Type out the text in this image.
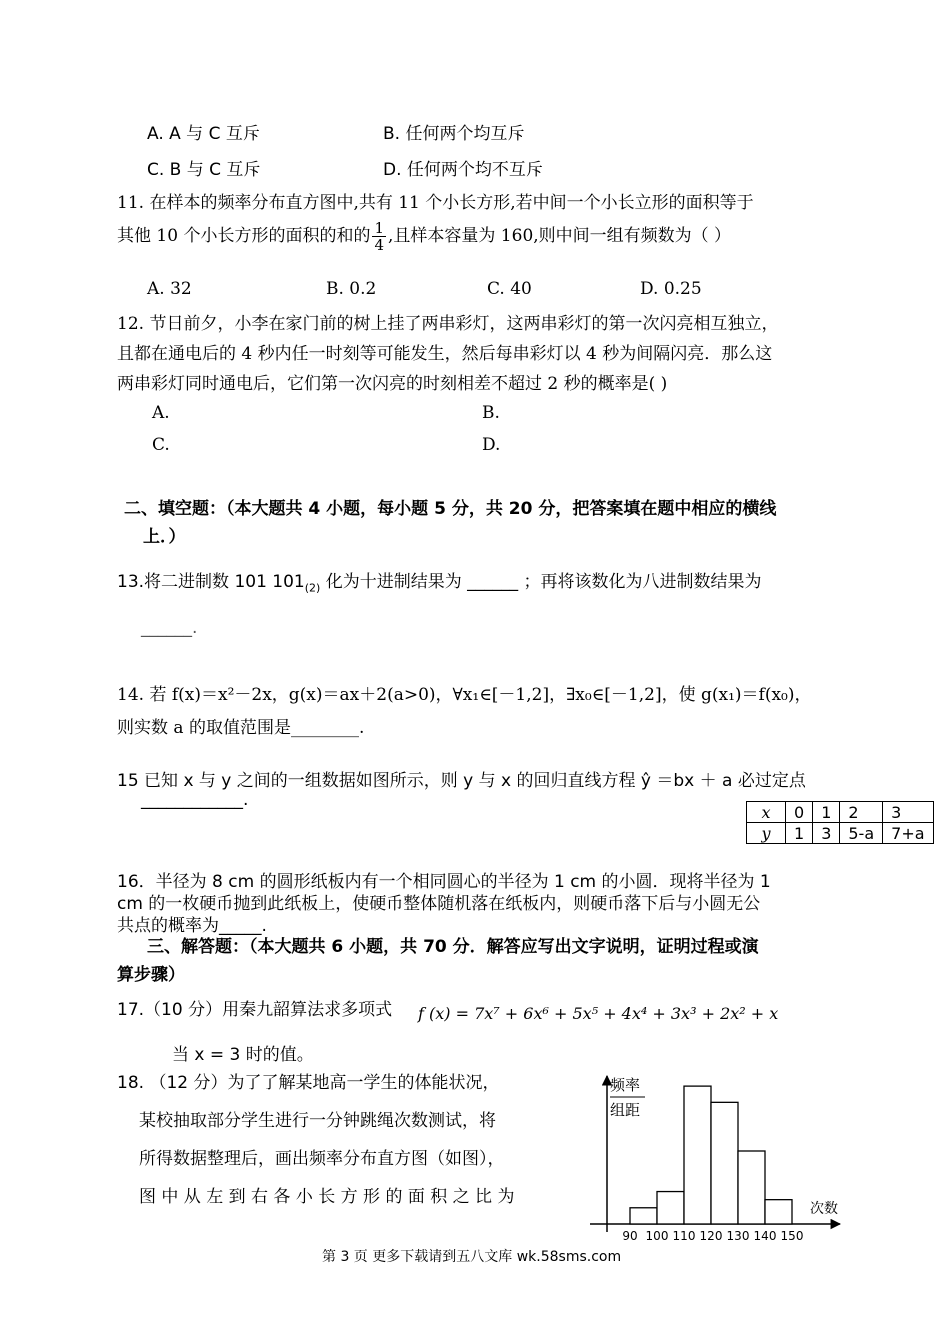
A. A 与 C 互斥	B. 任何两个均互斥
C. B 与 C 互斥	D. 任何两个均不互斥
11. 在样本的频率分布直方图中,共有 11 个小长方形,若中间一个小长立形的面积等于
其他 10 个小长方形的面积的和的 $\frac{1}{4}$ ,且样本容量为 160,则中间一组有频数为（ ）
A. 32	B. 0.2	C. 40	D. 0.25
12. 节日前夕，小李在家门前的树上挂了两串彩灯，这两串彩灯的第一次闪亮相互独立，
且都在通电后的 4 秒内任一时刻等可能发生，然后每串彩灯以 4 秒为间隔闪亮．那么这
两串彩灯同时通电后，它们第一次闪亮的时刻相差不超过 2 秒的概率是( )
A.	B.
C.	D.
二、填空题：（本大题共 4 小题，每小题 5 分，共 20 分，把答案填在题中相应的横线
上．）
13.将二进制数 101 $101_{(2)}$ 化为十进制结果为 ______ ；再将该数化为八进制数结果为
______.
14. 若 f(x)＝x²－2x，g(x)＝ax＋2(a>0)，∀x₁∈[－1,2]，∃x₀∈[－1,2]，使 g(x₁)＝f(x₀)，
则实数 a 的取值范围是________.
15 已知 x 与 y 之间的一组数据如图所示，则 y 与 x 的回归直线方程 ŷ ＝bx ＋ a 必过定点
____________.
x	0	1	2	3
y	1	3	5-a	7+a
16．半径为 8 cm 的圆形纸板内有一个相同圆心的半径为 1 cm 的小圆．现将半径为 1
cm 的一枚硬币抛到此纸板上，使硬币整体随机落在纸板内，则硬币落下后与小圆无公
共点的概率为_____.
三、解答题：（本大题共 6 小题，共 70 分．解答应写出文字说明，证明过程或演
算步骤）
17.（10 分）用秦九韶算法求多项式 f (x) = 7x⁷ + 6x⁶ + 5x⁵ + 4x⁴ + 3x³ + 2x² + x
当 x = 3 时的值。
18. （12 分）为了了解某地高一学生的体能状况，
某校抽取部分学生进行一分钟跳绳次数测试，将
所得数据整理后，画出频率分布直方图（如图），
图 中 从 左 到 右 各 小 长 方 形 的 面 积 之 比 为
频率
组距
次数
90 100 110 120 130 140 150
第 3 页 更多下载请到五八文库 wk.58sms.com
